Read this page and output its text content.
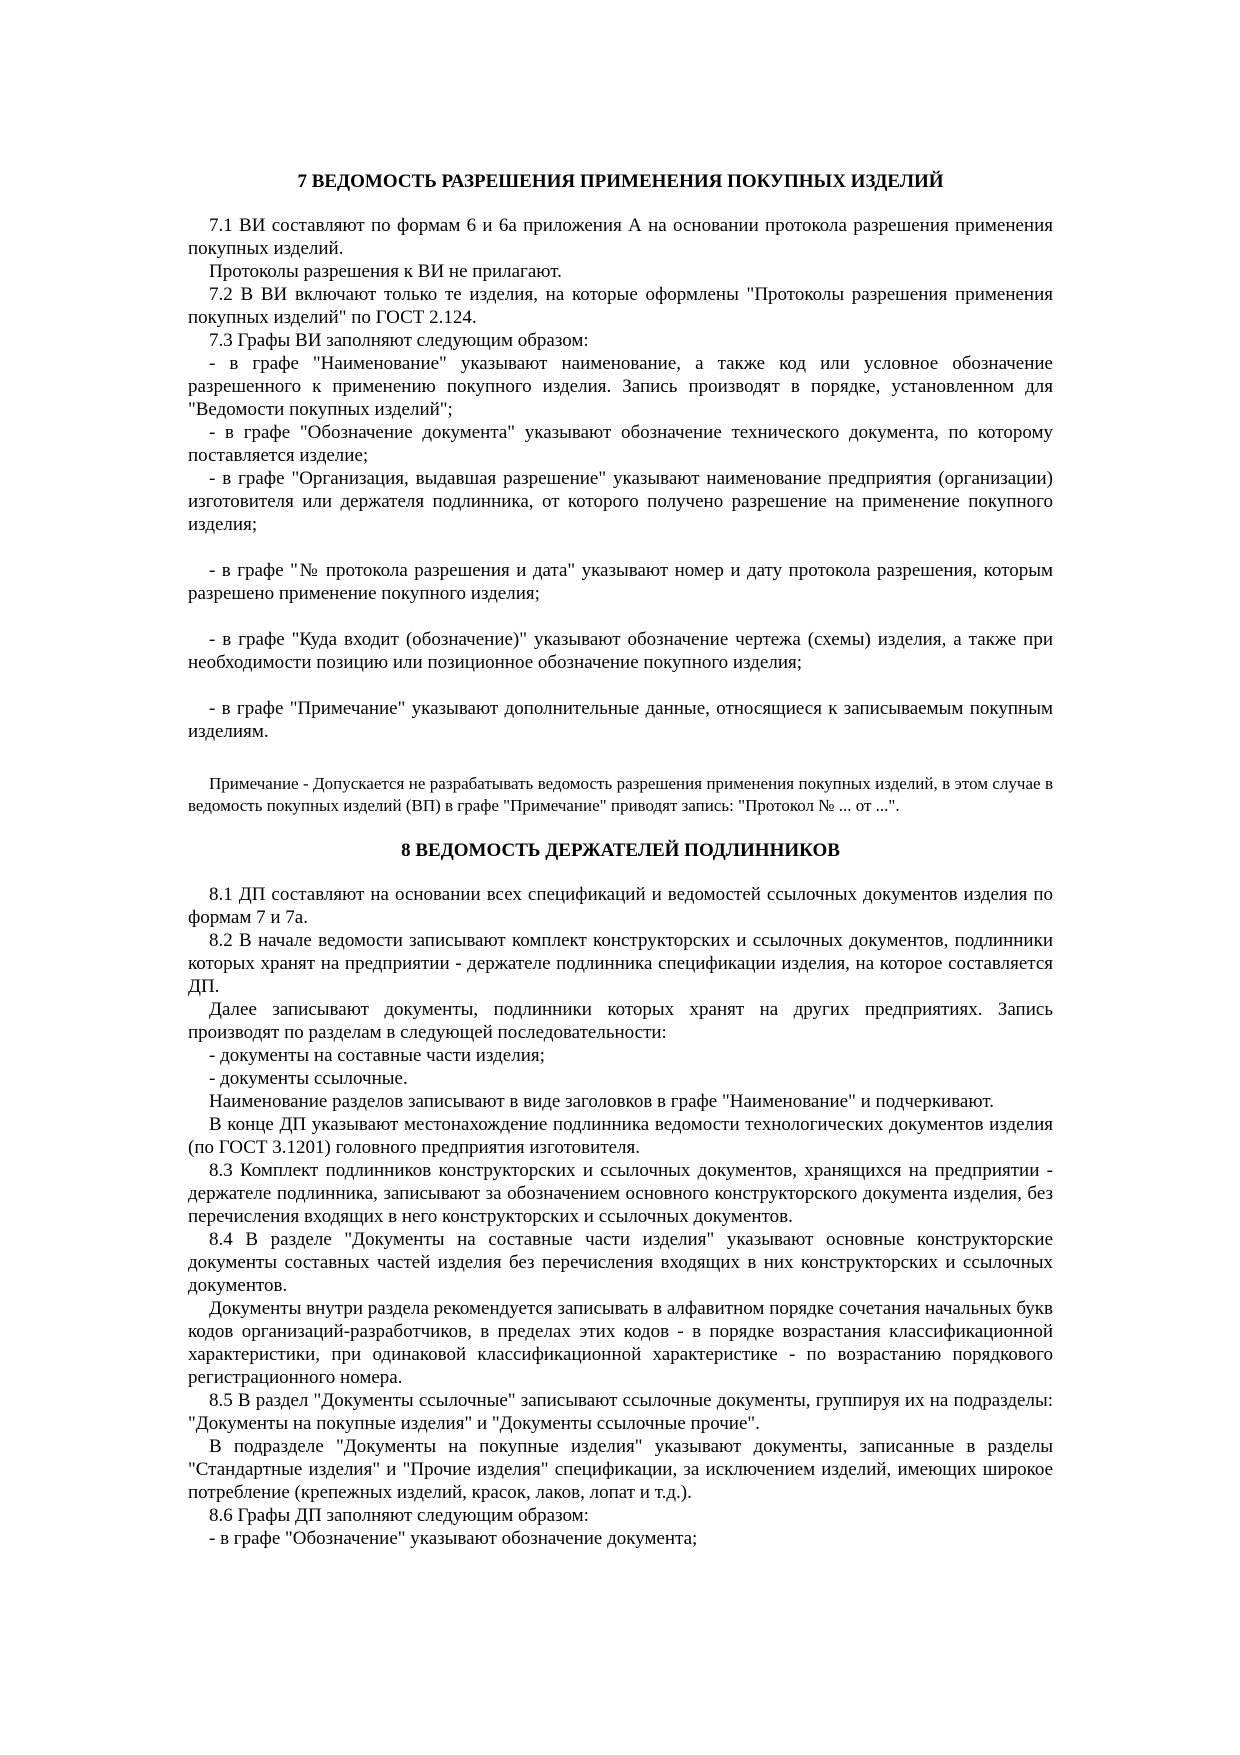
7 ВЕДОМОСТЬ РАЗРЕШЕНИЯ ПРИМЕНЕНИЯ ПОКУПНЫХ ИЗДЕЛИЙ

7.1 ВИ составляют по формам 6 и 6а приложения А на основании протокола разрешения применения покупных изделий.

Протоколы разрешения к ВИ не прилагают.

7.2 В ВИ включают только те изделия, на которые оформлены "Протоколы разрешения применения покупных изделий" по ГОСТ 2.124.

7.3 Графы ВИ заполняют следующим образом:

- в графе "Наименование" указывают наименование, а также код или условное обозначение разрешенного к применению покупного изделия. Запись производят в порядке, установленном для "Ведомости покупных изделий";

- в графе "Обозначение документа" указывают обозначение технического документа, по которому поставляется изделие;

- в графе "Организация, выдавшая разрешение" указывают наименование предприятия (организации) изготовителя или держателя подлинника, от которого получено разрешение на применение покупного изделия;

- в графе "№ протокола разрешения и дата" указывают номер и дату протокола разрешения, которым разрешено применение покупного изделия;

- в графе "Куда входит (обозначение)" указывают обозначение чертежа (схемы) изделия, а также при необходимости позицию или позиционное обозначение покупного изделия;

- в графе "Примечание" указывают дополнительные данные, относящиеся к записываемым покупным изделиям.

Примечание - Допускается не разрабатывать ведомость разрешения применения покупных изделий, в этом случае в ведомость покупных изделий (ВП) в графе "Примечание" приводят запись: "Протокол № ... от ...".

8 ВЕДОМОСТЬ ДЕРЖАТЕЛЕЙ ПОДЛИННИКОВ

8.1 ДП составляют на основании всех спецификаций и ведомостей ссылочных документов изделия по формам 7 и 7а.

8.2 В начале ведомости записывают комплект конструкторских и ссылочных документов, подлинники которых хранят на предприятии - держателе подлинника спецификации изделия, на которое составляется ДП.

Далее записывают документы, подлинники которых хранят на других предприятиях. Запись производят по разделам в следующей последовательности:

- документы на составные части изделия;

- документы ссылочные.

Наименование разделов записывают в виде заголовков в графе "Наименование" и подчеркивают.

В конце ДП указывают местонахождение подлинника ведомости технологических документов изделия (по ГОСТ 3.1201) головного предприятия изготовителя.

8.3 Комплект подлинников конструкторских и ссылочных документов, хранящихся на предприятии - держателе подлинника, записывают за обозначением основного конструкторского документа изделия, без перечисления входящих в него конструкторских и ссылочных документов.

8.4 В разделе "Документы на составные части изделия" указывают основные конструкторские документы составных частей изделия без перечисления входящих в них конструкторских и ссылочных документов.

Документы внутри раздела рекомендуется записывать в алфавитном порядке сочетания начальных букв кодов организаций-разработчиков, в пределах этих кодов - в порядке возрастания классификационной характеристики, при одинаковой классификационной характеристике - по возрастанию порядкового регистрационного номера.

8.5 В раздел "Документы ссылочные" записывают ссылочные документы, группируя их на подразделы: "Документы на покупные изделия" и "Документы ссылочные прочие".

В подразделе "Документы на покупные изделия" указывают документы, записанные в разделы "Стандартные изделия" и "Прочие изделия" спецификации, за исключением изделий, имеющих широкое потребление (крепежных изделий, красок, лаков, лопат и т.д.).

8.6 Графы ДП заполняют следующим образом:

- в графе "Обозначение" указывают обозначение документа;
